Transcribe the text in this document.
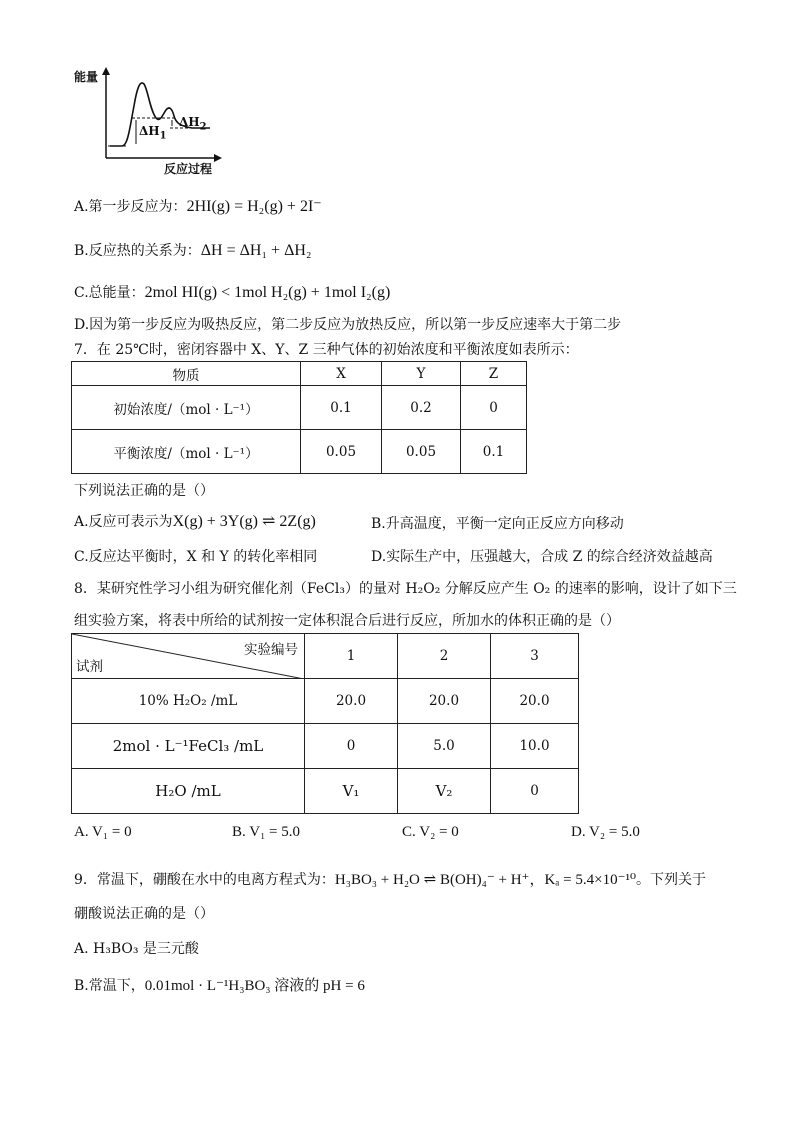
能量
反应过程
$\Delta H_1$
$\Delta H_2$
A.第一步反应为：2HI(g) = H₂(g) + 2I⁻
B.反应热的关系为：ΔH = ΔH₁ + ΔH₂
C.总能量：2mol HI(g) < 1mol H₂(g) + 1mol I₂(g)
D.因为第一步反应为吸热反应，第二步反应为放热反应，所以第一步反应速率大于第二步
7．在 25℃时，密闭容器中 X、Y、Z 三种气体的初始浓度和平衡浓度如表所示：
物质	X	Y	Z
初始浓度/（mol · L⁻¹）	0.1	0.2	0
平衡浓度/（mol · L⁻¹）	0.05	0.05	0.1
下列说法正确的是（）
A.反应可表示为X(g) + 3Y(g) ⇌ 2Z(g)	B.升高温度，平衡一定向正反应方向移动
C.反应达平衡时，X 和 Y 的转化率相同	D.实际生产中，压强越大，合成 Z 的综合经济效益越高
8．某研究性学习小组为研究催化剂（FeCl₃）的量对 H₂O₂ 分解反应产生 O₂ 的速率的影响，设计了如下三
组实验方案，将表中所给的试剂按一定体积混合后进行反应，所加水的体积正确的是（）
实验编号
试剂	1	2	3
10% H₂O₂ /mL	20.0	20.0	20.0
2mol · L⁻¹FeCl₃ /mL	0	5.0	10.0
H₂O /mL	V₁	V₂	0
A. V₁ = 0	B. V₁ = 5.0	C. V₂ = 0	D. V₂ = 5.0
9．常温下，硼酸在水中的电离方程式为：H₃BO₃ + H₂O ⇌ B(OH)₄⁻ + H⁺，Kₐ = 5.4×10⁻¹⁰。下列关于
硼酸说法正确的是（）
A. H₃BO₃ 是三元酸
B.常温下，0.01mol · L⁻¹H₃BO₃ 溶液的 pH = 6
